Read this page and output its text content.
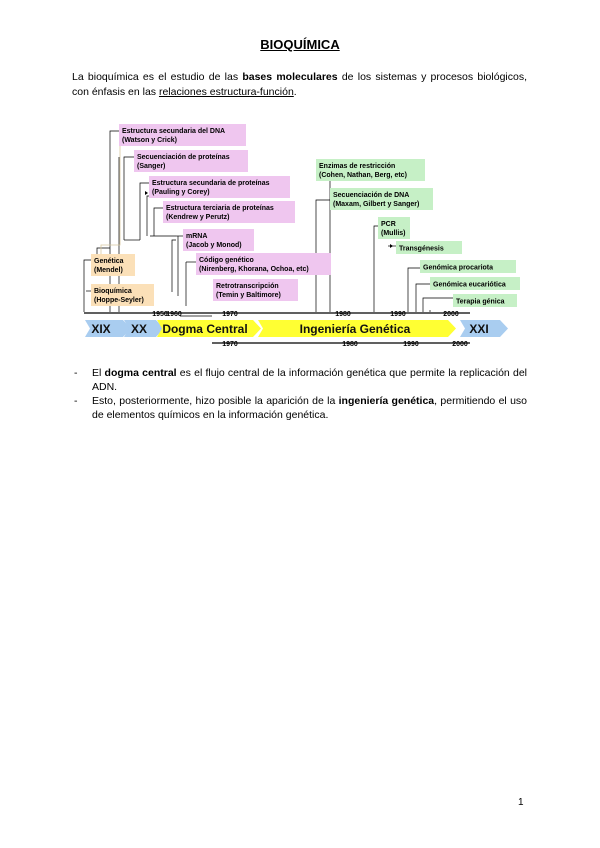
BIOQUÍMICA
La bioquímica es el estudio de las bases moleculares de los sistemas y procesos biológicos, con énfasis en las relaciones estructura-función.
Estructura secundaria del DNA
(Watson y Crick)
Secuenciación de proteínas
(Sanger)
Estructura secundaria de proteínas
(Pauling y Corey)
Estructura terciaria de proteínas
(Kendrew y Perutz)
mRNA
(Jacob y Monod)
Código genético
(Nirenberg, Khorana, Ochoa, etc)
Retrotranscripción
(Temin y Baltimore)
Genética
(Mendel)
Bioquímica
(Hoppe-Seyler)
Enzimas de restricción
(Cohen, Nathan, Berg, etc)
Secuenciación de DNA
(Maxam, Gilbert y Sanger)
PCR
(Mullis)
Transgénesis
Genómica procariota
Genómica eucariótica
Terapia génica
1950
1960	1970	1980	1990	2000
1970	1980	1990	2000
XIX XX Dogma Central	Ingeniería Genética	XXI
- El dogma central es el flujo central de la información genética que permite la replicación del ADN.
- Esto, posteriormente, hizo posible la aparición de la ingeniería genética, permitiendo el uso de elementos químicos en la información genética.
1
